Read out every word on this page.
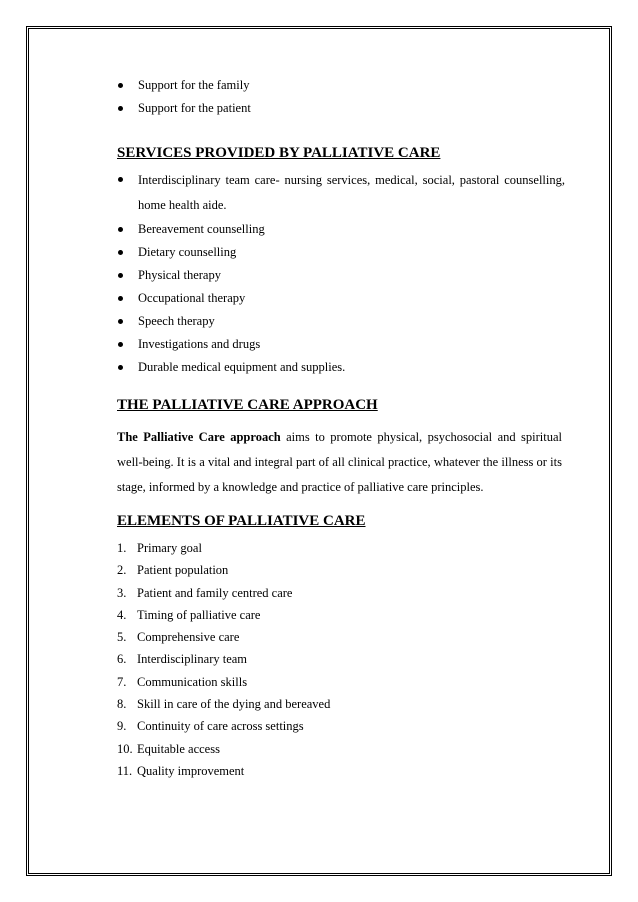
Support for the family
Support for the patient
SERVICES PROVIDED BY PALLIATIVE CARE
Interdisciplinary team care- nursing services, medical, social, pastoral counselling, home health aide.
Bereavement counselling
Dietary counselling
Physical therapy
Occupational therapy
Speech therapy
Investigations and drugs
Durable medical equipment and supplies.
THE PALLIATIVE CARE APPROACH
The Palliative Care approach aims to promote physical, psychosocial and spiritual well-being. It is a vital and integral part of all clinical practice, whatever the illness or its stage, informed by a knowledge and practice of palliative care principles.
ELEMENTS OF PALLIATIVE CARE
1. Primary goal
2. Patient population
3. Patient and family centred care
4. Timing of palliative care
5. Comprehensive care
6. Interdisciplinary team
7. Communication skills
8. Skill in care of the dying and bereaved
9. Continuity of care across settings
10. Equitable access
11. Quality improvement
